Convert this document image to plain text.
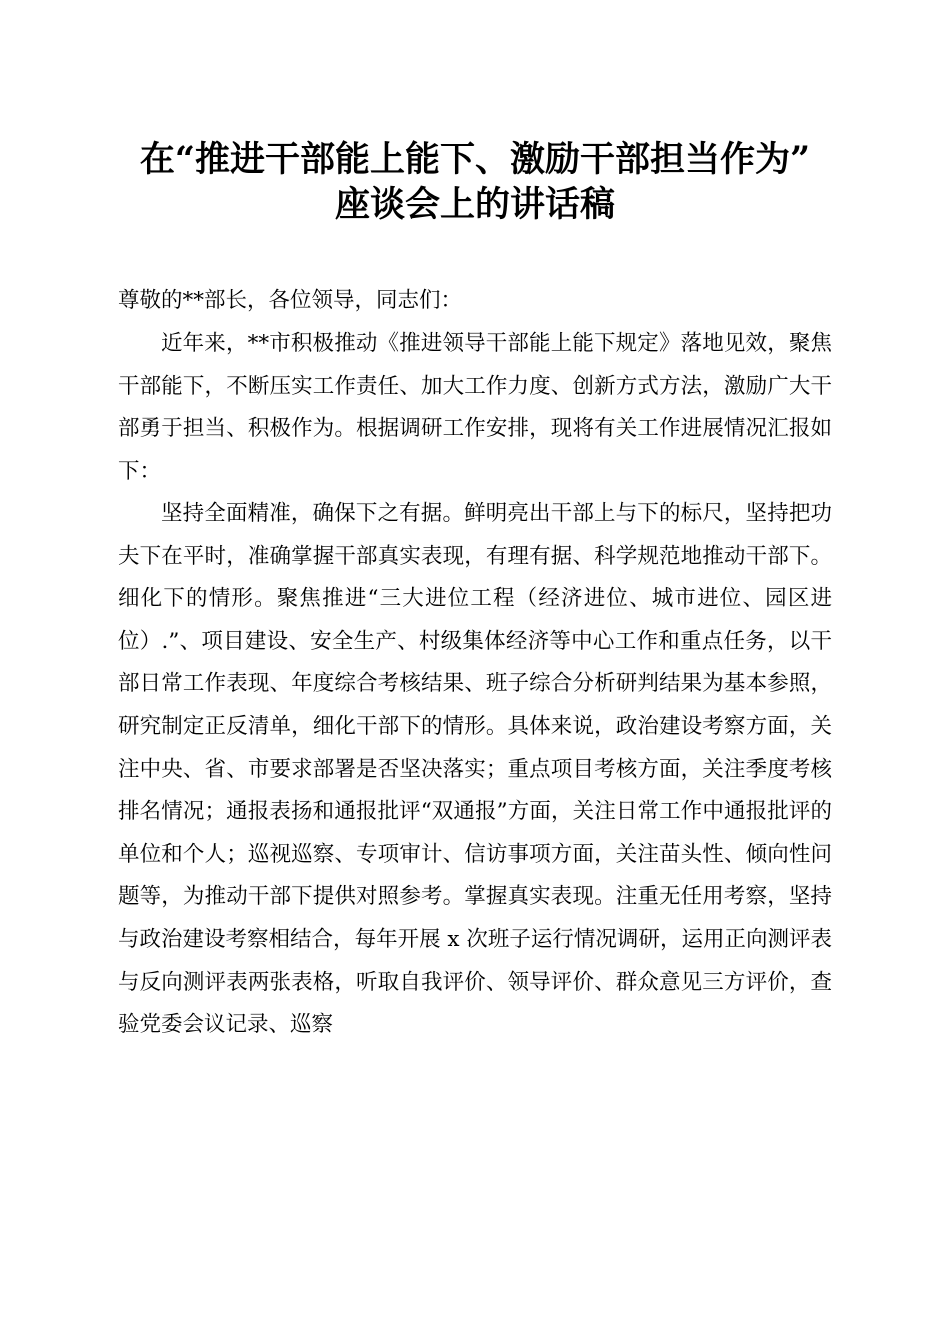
在“推进干部能上能下、激励干部担当作为”
座谈会上的讲话稿
尊敬的**部长，各位领导，同志们：

近年来，**市积极推动《推进领导干部能上能下规定》落地见效，聚焦干部能下，不断压实工作责任、加大工作力度、创新方式方法，激励广大干部勇于担当、积极作为。根据调研工作安排，现将有关工作进展情况汇报如下：

坚持全面精准，确保下之有据。鲜明亮出干部上与下的标尺，坚持把功夫下在平时，准确掌握干部真实表现，有理有据、科学规范地推动干部下。细化下的情形。聚焦推进“三大进位工程（经济进位、城市进位、园区进位）.”、项目建设、安全生产、村级集体经济等中心工作和重点任务，以干部日常工作表现、年度综合考核结果、班子综合分析研判结果为基本参照，研究制定正反清单，细化干部下的情形。具体来说，政治建设考察方面，关注中央、省、市要求部署是否坚决落实；重点项目考核方面，关注季度考核排名情况；通报表扬和通报批评“双通报”方面，关注日常工作中通报批评的单位和个人；巡视巡察、专项审计、信访事项方面，关注苗头性、倾向性问题等，为推动干部下提供对照参考。掌握真实表现。注重无任用考察，坚持与政治建设考察相结合，每年开展 x 次班子运行情况调研，运用正向测评表与反向测评表两张表格，听取自我评价、领导评价、群众意见三方评价，查验党委会议记录、巡察
